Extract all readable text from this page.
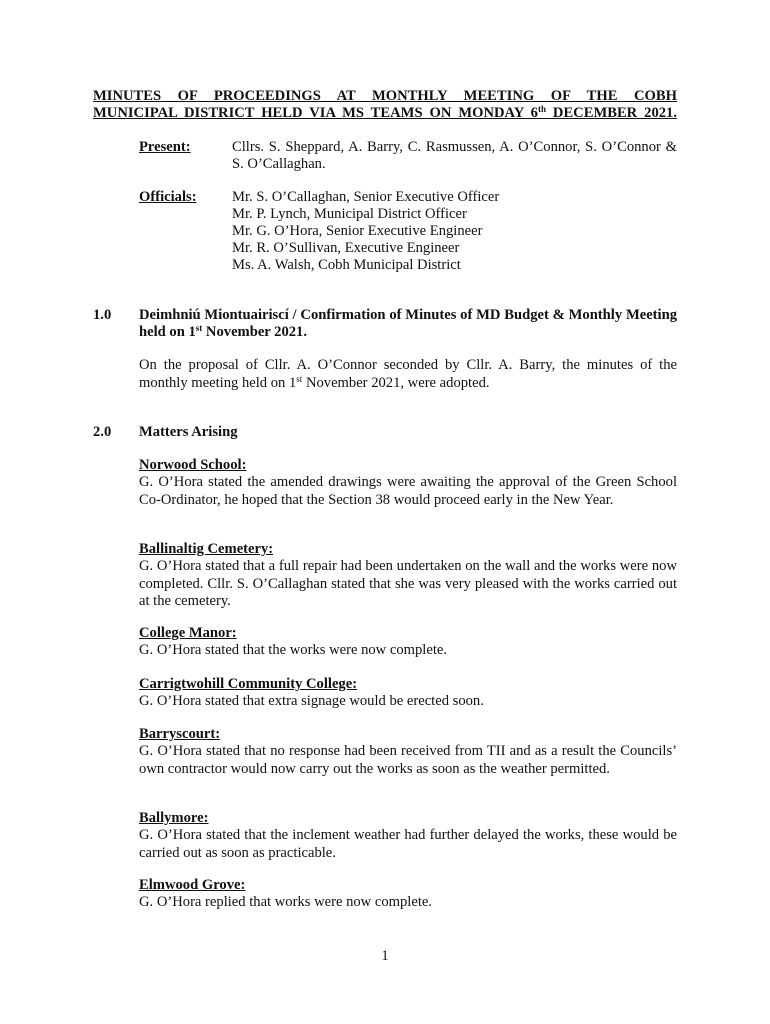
MINUTES OF PROCEEDINGS AT MONTHLY MEETING OF THE COBH
MUNICIPAL DISTRICT HELD VIA MS TEAMS ON MONDAY 6th DECEMBER 2021.
Present:	Cllrs. S. Sheppard, A. Barry, C. Rasmussen, A. O’Connor, S. O’Connor & S. O’Callaghan.
Officials: Mr. S. O’Callaghan, Senior Executive Officer
Mr. P. Lynch, Municipal District Officer
Mr. G. O’Hora, Senior Executive Engineer
Mr. R. O’Sullivan, Executive Engineer
Ms. A. Walsh, Cobh Municipal District
1.0 Deimhniú Miontuairiscí / Confirmation of Minutes of MD Budget & Monthly Meeting held on 1st November 2021.
On the proposal of Cllr. A. O’Connor seconded by Cllr. A. Barry, the minutes of the monthly meeting held on 1st November 2021, were adopted.
2.0 Matters Arising
Norwood School:
G. O’Hora stated the amended drawings were awaiting the approval of the Green School Co-Ordinator, he hoped that the Section 38 would proceed early in the New Year.
Ballinaltig Cemetery:
G. O’Hora stated that a full repair had been undertaken on the wall and the works were now completed. Cllr. S. O’Callaghan stated that she was very pleased with the works carried out at the cemetery.
College Manor:
G. O’Hora stated that the works were now complete.
Carrigtwohill Community College:
G. O’Hora stated that extra signage would be erected soon.
Barryscourt:
G. O’Hora stated that no response had been received from TII and as a result the Councils’ own contractor would now carry out the works as soon as the weather permitted.
Ballymore:
G. O’Hora stated that the inclement weather had further delayed the works, these would be carried out as soon as practicable.
Elmwood Grove:
G. O’Hora replied that works were now complete.
1
